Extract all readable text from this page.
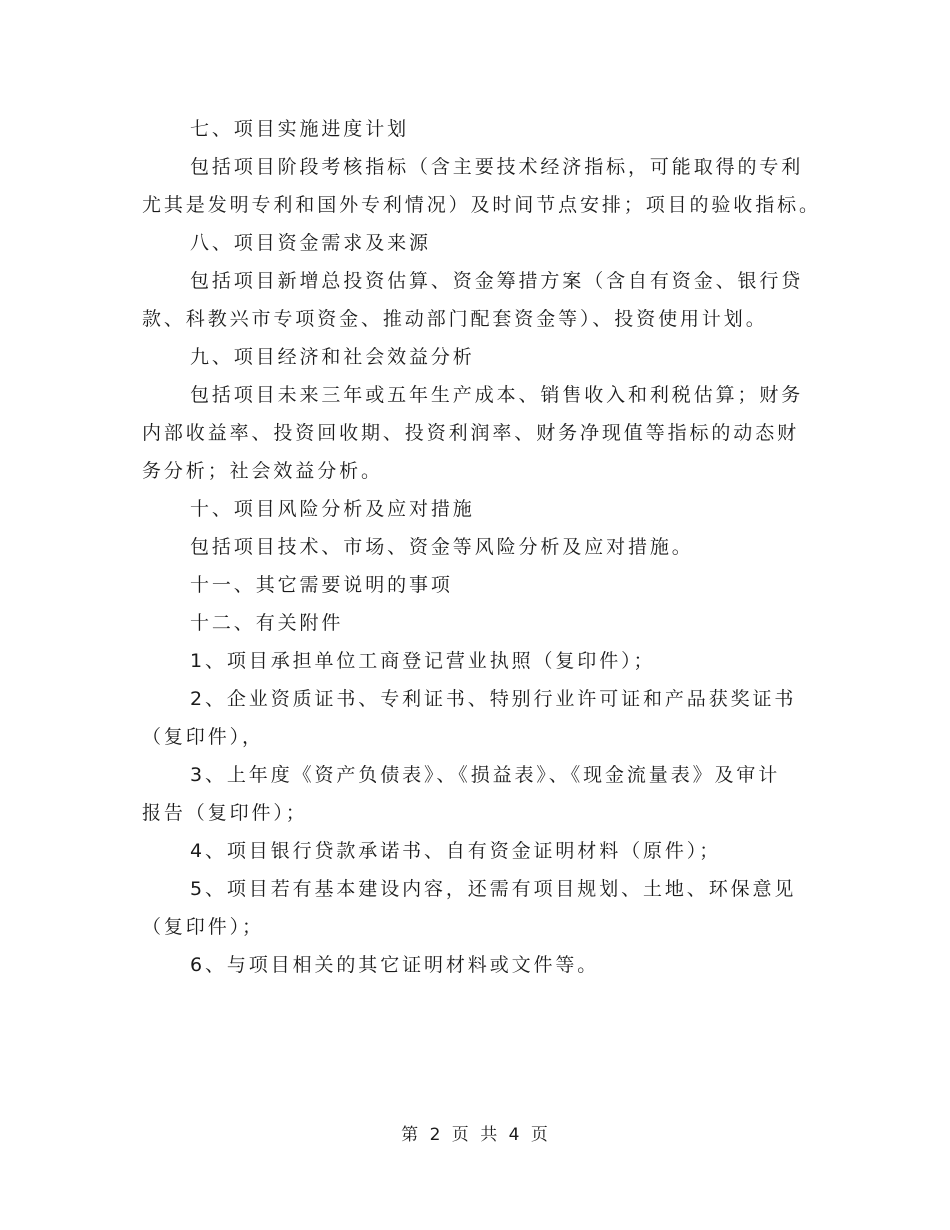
七、项目实施进度计划
包括项目阶段考核指标（含主要技术经济指标，可能取得的专利
尤其是发明专利和国外专利情况）及时间节点安排；项目的验收指标。
八、项目资金需求及来源
包括项目新增总投资估算、资金筹措方案（含自有资金、银行贷
款、科教兴市专项资金、推动部门配套资金等）、投资使用计划。
九、项目经济和社会效益分析
包括项目未来三年或五年生产成本、销售收入和利税估算；财务
内部收益率、投资回收期、投资利润率、财务净现值等指标的动态财
务分析；社会效益分析。
十、项目风险分析及应对措施
包括项目技术、市场、资金等风险分析及应对措施。
十一、其它需要说明的事项
十二、有关附件
1、项目承担单位工商登记营业执照（复印件）；
2、企业资质证书、专利证书、特别行业许可证和产品获奖证书
（复印件），
3、上年度《资产负债表》、《损益表》、《现金流量表》及审计
报告（复印件）；
4、项目银行贷款承诺书、自有资金证明材料（原件）；
5、项目若有基本建设内容，还需有项目规划、土地、环保意见
（复印件）；
6、与项目相关的其它证明材料或文件等。
第 2 页 共 4 页
